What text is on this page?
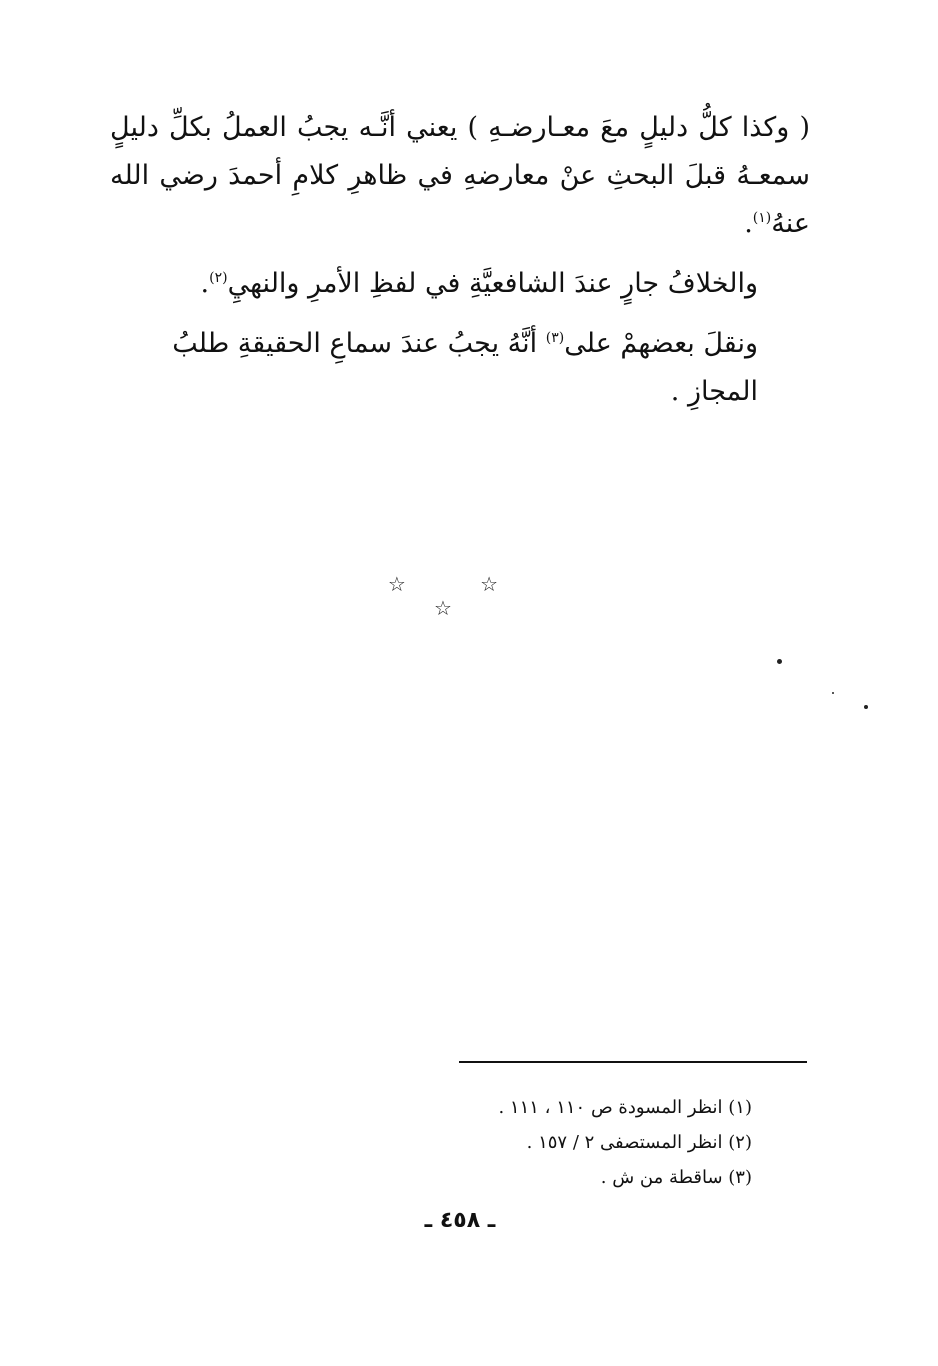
( وكذا كلُّ دليلٍ معَ معـارضـهِ ) يعني أنَّـه يجبُ العملُ بكلِّ دليلٍ سمعـهُ قبلَ البحثِ عنْ معارضهِ في ظاهرِ كلامِ أحمدَ رضي الله عنهُ$^{(١)}$.

والخلافُ جارٍ عندَ الشافعيَّةِ في لفظِ الأمرِ والنهيِ$^{(٢)}$.

ونقلَ بعضهمْ على$^{(٣)}$ أنَّهُ يجبُ عندَ سماعِ الحقيقةِ طلبُ المجازِ .

☆ ☆ ☆

(١) انظر المسودة ص ١١٠ ، ١١١ .

(٢) انظر المستصفى ٢ / ١٥٧ .

(٣) ساقطة من ش .

ـ ٤٥٨ ـ
